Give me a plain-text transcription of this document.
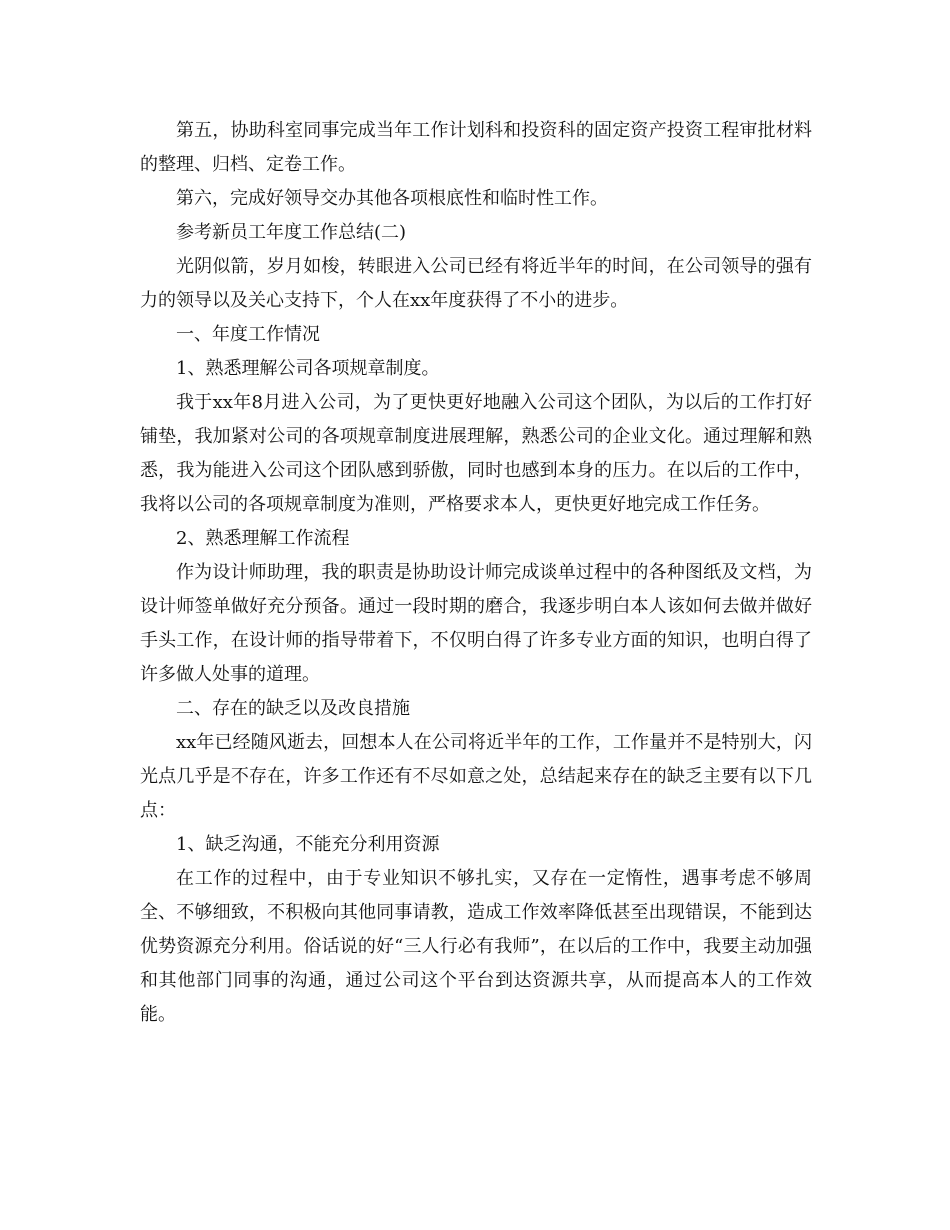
第五，协助科室同事完成当年工作计划科和投资科的固定资产投资工程审批材料的整理、归档、定卷工作。

第六，完成好领导交办其他各项根底性和临时性工作。

参考新员工年度工作总结(二)

光阴似箭，岁月如梭，转眼进入公司已经有将近半年的时间，在公司领导的强有力的领导以及关心支持下，个人在xx年度获得了不小的进步。

一、年度工作情况

1、熟悉理解公司各项规章制度。

我于xx年8月进入公司，为了更快更好地融入公司这个团队，为以后的工作打好铺垫，我加紧对公司的各项规章制度进展理解，熟悉公司的企业文化。通过理解和熟悉，我为能进入公司这个团队感到骄傲，同时也感到本身的压力。在以后的工作中，我将以公司的各项规章制度为准则，严格要求本人，更快更好地完成工作任务。

2、熟悉理解工作流程

作为设计师助理，我的职责是协助设计师完成谈单过程中的各种图纸及文档，为设计师签单做好充分预备。通过一段时期的磨合，我逐步明白本人该如何去做并做好手头工作，在设计师的指导带着下，不仅明白得了许多专业方面的知识，也明白得了许多做人处事的道理。

二、存在的缺乏以及改良措施

xx年已经随风逝去，回想本人在公司将近半年的工作，工作量并不是特别大，闪光点几乎是不存在，许多工作还有不尽如意之处，总结起来存在的缺乏主要有以下几点：

1、缺乏沟通，不能充分利用资源

在工作的过程中，由于专业知识不够扎实，又存在一定惰性，遇事考虑不够周全、不够细致，不积极向其他同事请教，造成工作效率降低甚至出现错误，不能到达优势资源充分利用。俗话说的好“三人行必有我师”，在以后的工作中，我要主动加强和其他部门同事的沟通，通过公司这个平台到达资源共享，从而提高本人的工作效能。
